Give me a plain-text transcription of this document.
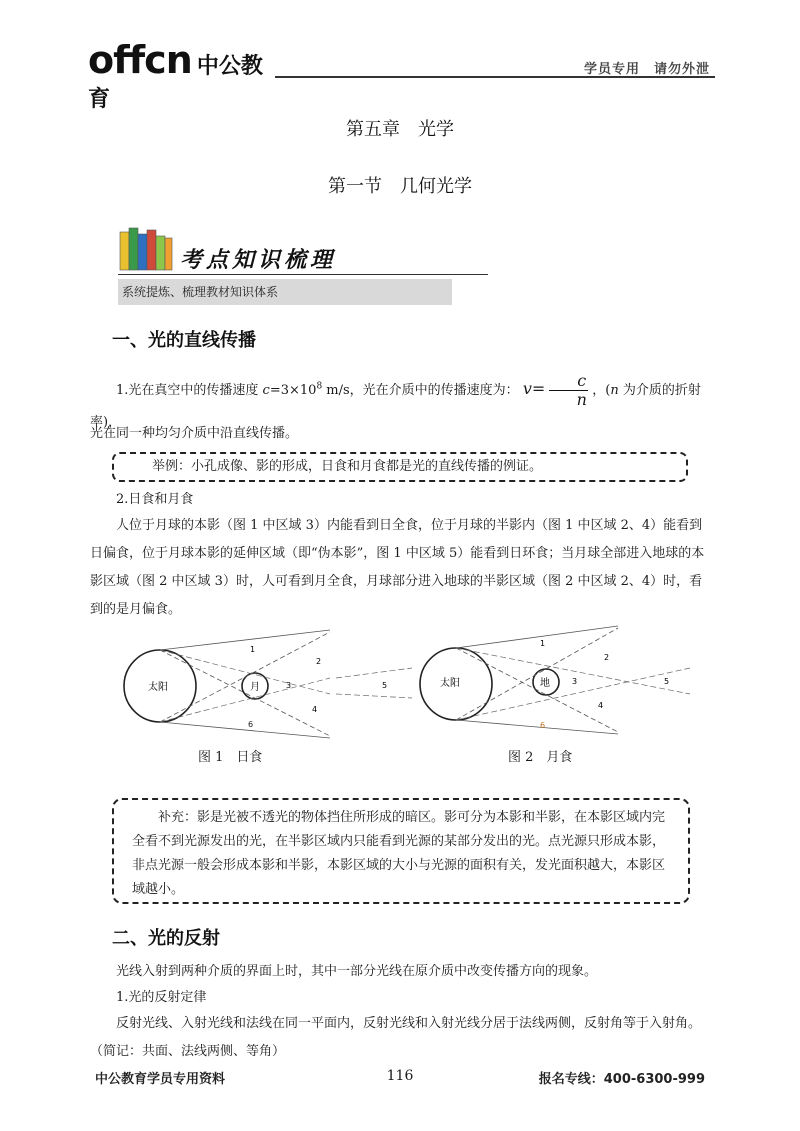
offcn 中公教育
学员专用　请勿外泄
第五章　光学
第一节　几何光学
考点知识梳理
系统提炼、梳理教材知识体系
一、光的直线传播
1.光在真空中的传播速度 $c=3\times 10^8$ m/s，光在介质中的传播速度为： $v= \frac{c}{n}$ ，(n 为介质的折射率)，
光在同一种均匀介质中沿直线传播。
举例：小孔成像、影的形成，日食和月食都是光的直线传播的例证。
2.日食和月食
人位于月球的本影（图 1 中区域 3）内能看到日全食，位于月球的半影内（图 1 中区域 2、4）能看到日偏食，位于月球本影的延伸区域（即“伪本影”，图 1 中区域 5）能看到日环食；当月球全部进入地球的本影区域（图 2 中区域 3）时，人可看到月全食，月球部分进入地球的半影区域（图 2 中区域 2、4）时，看到的是月偏食。
太阳	月
1
2
3
4
5
6
图 1　日食
太阳	地
1
2
3
4
5
6
图 2　月食
补充：影是光被不透光的物体挡住所形成的暗区。影可分为本影和半影，在本影区域内完全看不到光源发出的光，在半影区域内只能看到光源的某部分发出的光。点光源只形成本影，非点光源一般会形成本影和半影，本影区域的大小与光源的面积有关，发光面积越大，本影区域越小。
二、光的反射
光线入射到两种介质的界面上时，其中一部分光线在原介质中改变传播方向的现象。
1.光的反射定律
反射光线、入射光线和法线在同一平面内，反射光线和入射光线分居于法线两侧，反射角等于入射角。（简记：共面、法线两侧、等角）
中公教育学员专用资料	116	报名专线：400-6300-999
